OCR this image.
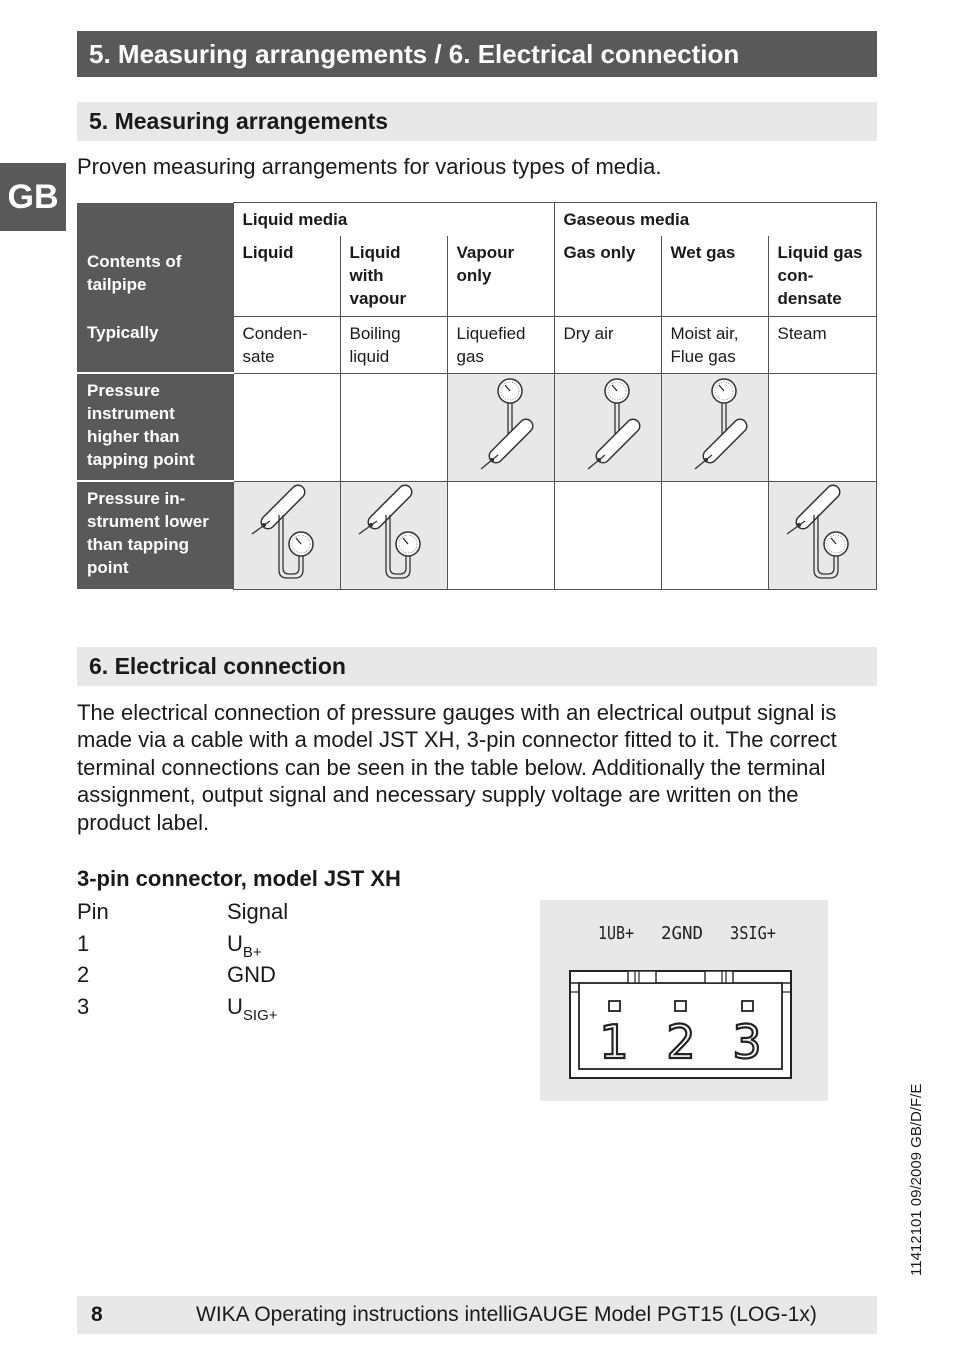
5. Measuring arrangements / 6. Electrical connection
GB
5. Measuring arrangements
Proven measuring arrangements for various types of media.
Contents of tailpipe	Liquid media			Gaseous media		
	Liquid	Liquid with vapour	Vapour only	Gas only	Wet gas	Liquid gas con-densate
Typically	Conden-sate	Boiling liquid	Liquefied gas	Dry air	Moist air, Flue gas	Steam
Pressure instrument higher than tapping point						
Pressure in-strument lower than tapping point						
6. Electrical connection
The electrical connection of pressure gauges with an electrical output signal is made via a cable with a model JST XH, 3-pin connector fitted to it. The correct terminal connections can be seen in the table below. Additionally the terminal assignment, output signal and necessary supply voltage are written on the product label.
3-pin connector, model JST XH
Pin	Signal
1	$U_{B+}$
2	GND
3	$U_{SIG+}$
1UB+ 2GND 3SIG+
1 2 3
11412101 09/2009 GB/D/F/E
8	WIKA Operating instructions intelliGAUGE Model PGT15 (LOG-1x)
